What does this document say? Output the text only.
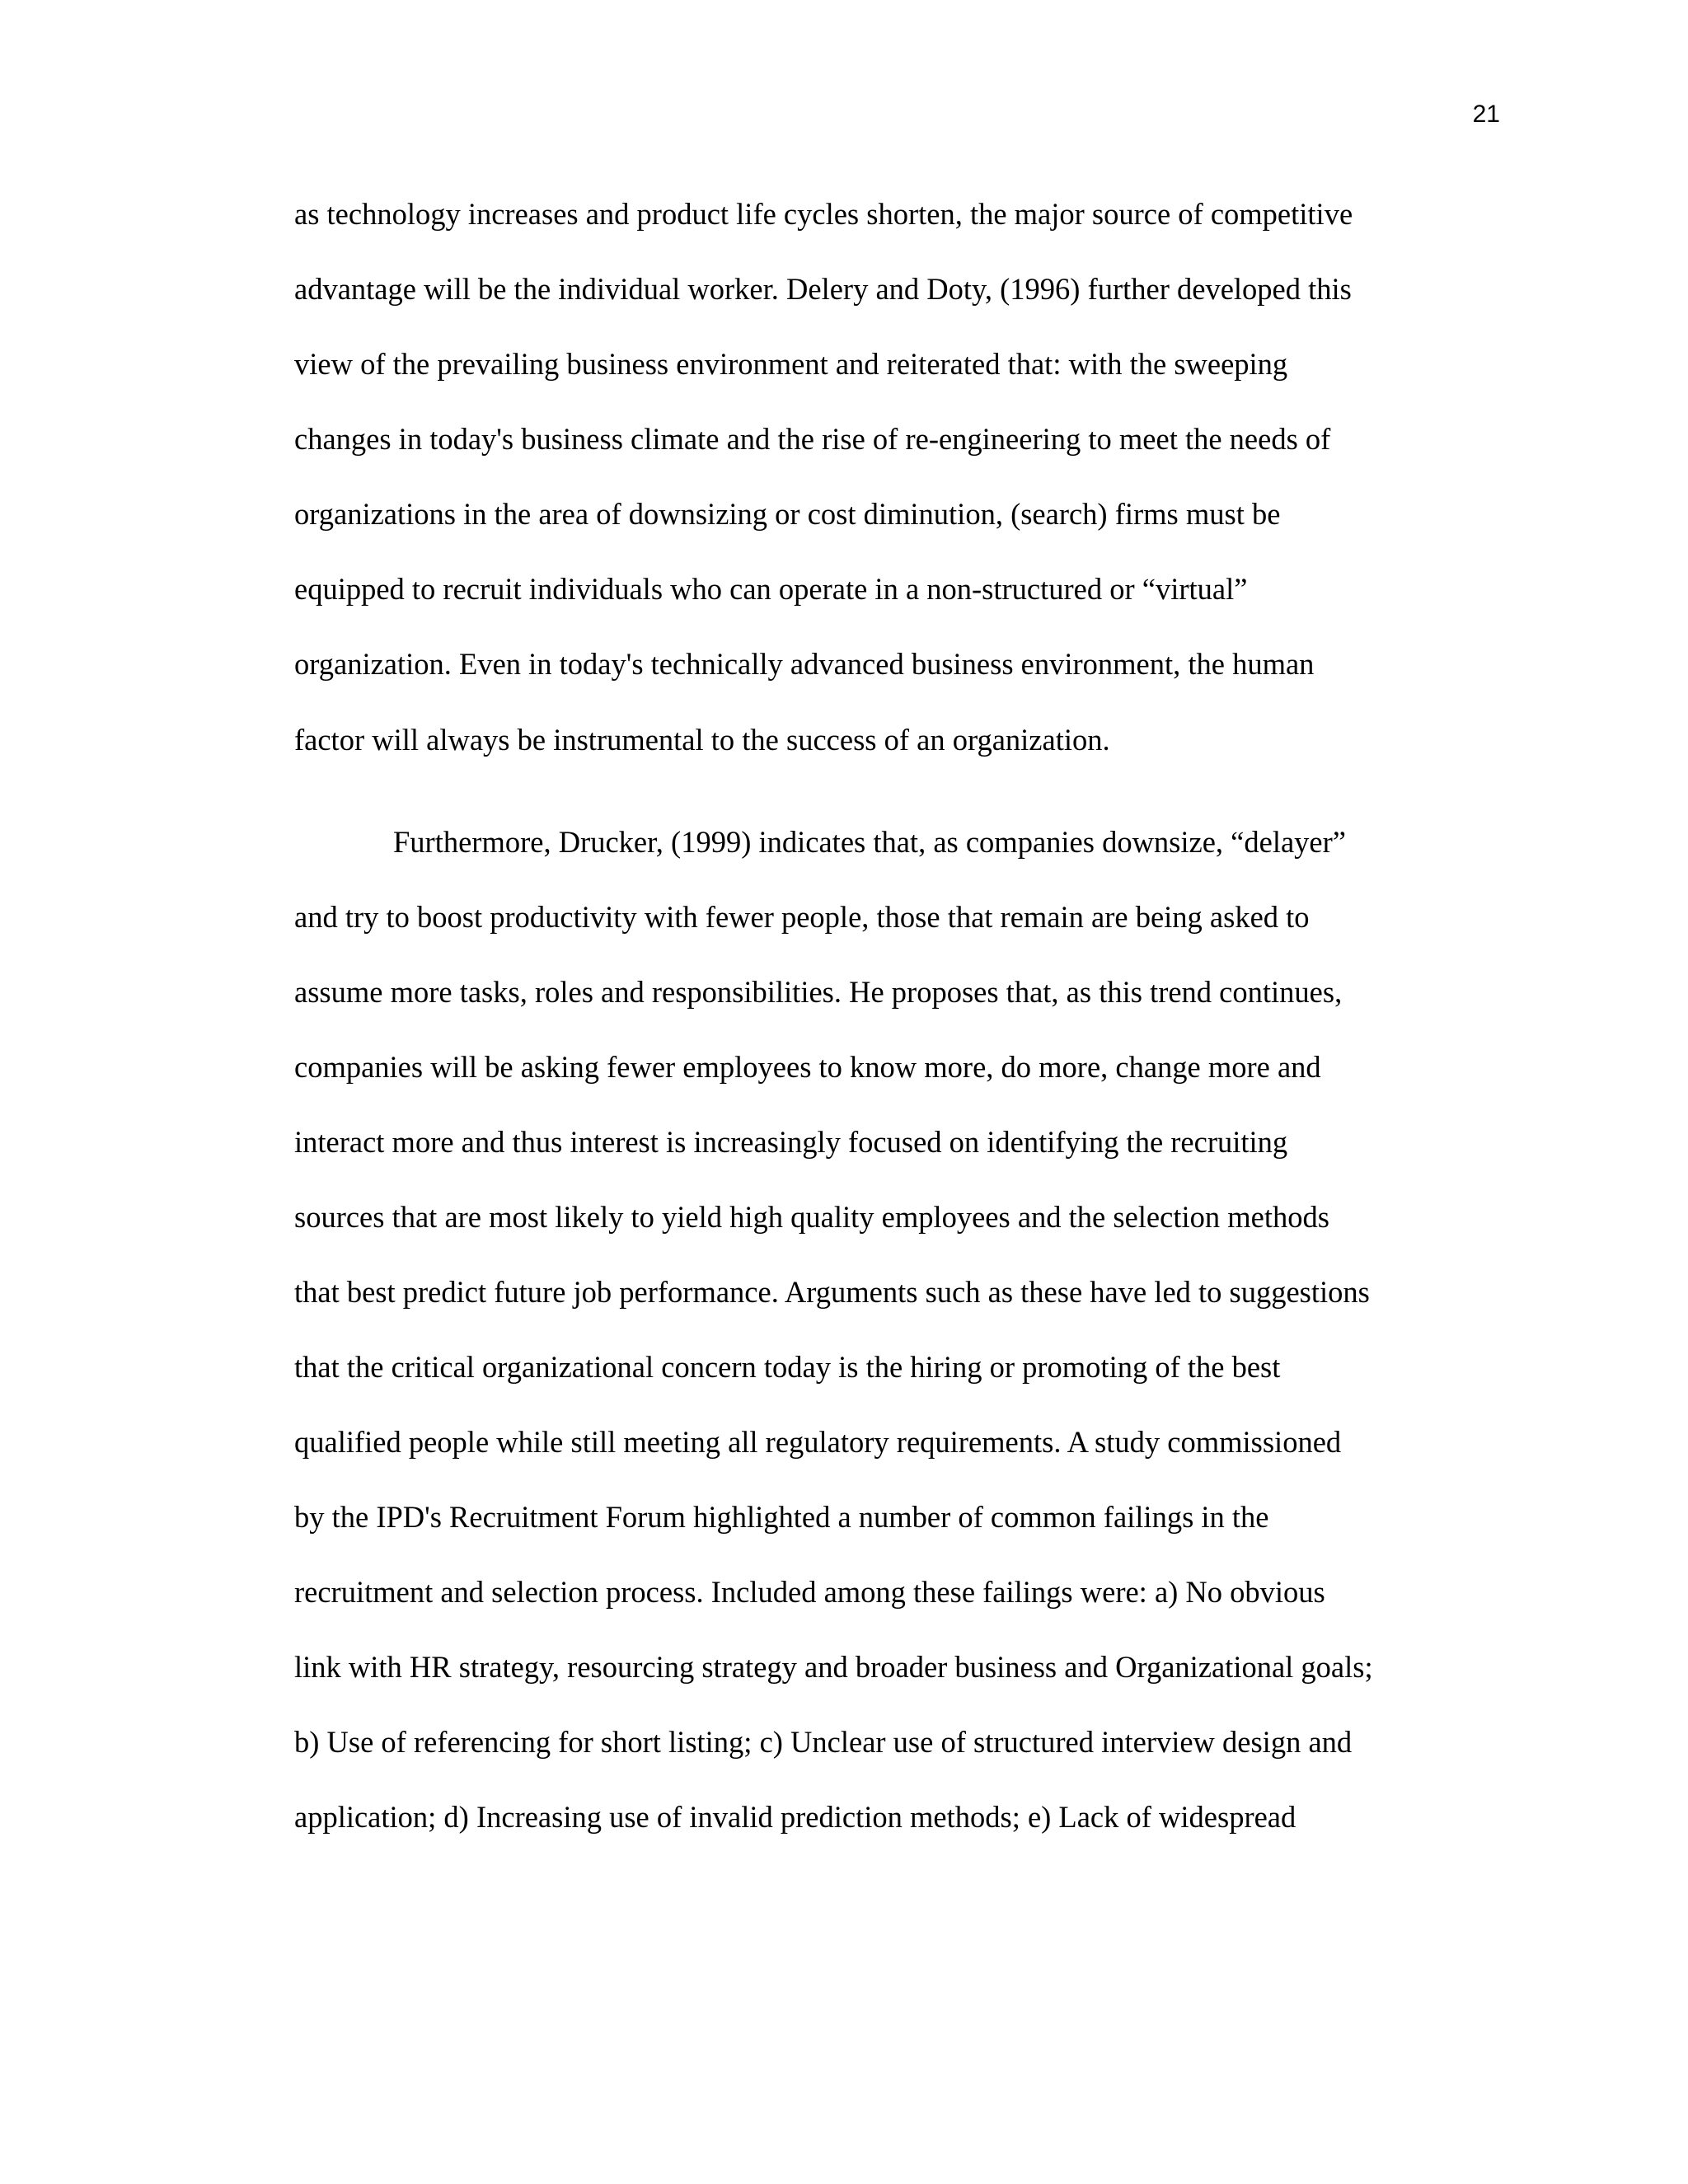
21
as technology increases and product life cycles shorten, the major source of competitive
advantage will be the individual worker. Delery and Doty, (1996) further developed this
view of the prevailing business environment and reiterated that: with the sweeping
changes in today's business climate and the rise of re-engineering to meet the needs of
organizations in the area of downsizing or cost diminution, (search) firms must be
equipped to recruit individuals who can operate in a non-structured or “virtual”
organization. Even in today's technically advanced business environment, the human
factor will always be instrumental to the success of an organization.
Furthermore, Drucker, (1999) indicates that, as companies downsize, “delayer”
and try to boost productivity with fewer people, those that remain are being asked to
assume more tasks, roles and responsibilities. He proposes that, as this trend continues,
companies will be asking fewer employees to know more, do more, change more and
interact more and thus interest is increasingly focused on identifying the recruiting
sources that are most likely to yield high quality employees and the selection methods
that best predict future job performance. Arguments such as these have led to suggestions
that the critical organizational concern today is the hiring or promoting of the best
qualified people while still meeting all regulatory requirements. A study commissioned
by the IPD's Recruitment Forum highlighted a number of common failings in the
recruitment and selection process. Included among these failings were: a) No obvious
link with HR strategy, resourcing strategy and broader business and Organizational goals;
b) Use of referencing for short listing; c) Unclear use of structured interview design and
application; d) Increasing use of invalid prediction methods; e) Lack of widespread
